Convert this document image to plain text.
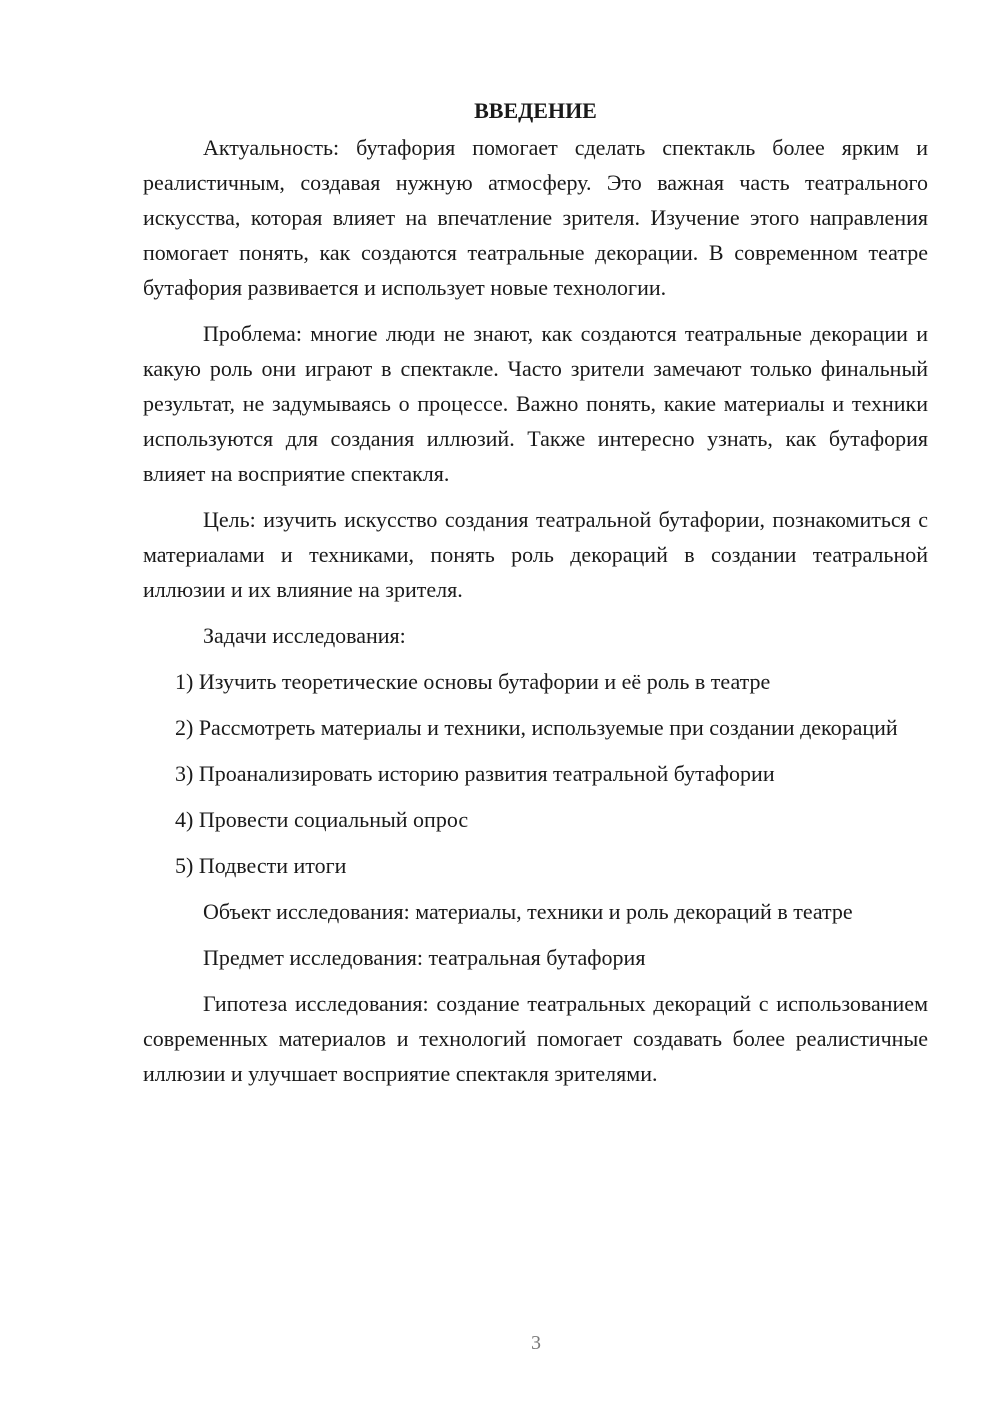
ВВЕДЕНИЕ

Актуальность: бутафория помогает сделать спектакль более ярким и реалистичным, создавая нужную атмосферу. Это важная часть театрального искусства, которая влияет на впечатление зрителя. Изучение этого направления помогает понять, как создаются театральные декорации. В современном театре бутафория развивается и использует новые технологии.

Проблема: многие люди не знают, как создаются театральные декорации и какую роль они играют в спектакле. Часто зрители замечают только финальный результат, не задумываясь о процессе. Важно понять, какие материалы и техники используются для создания иллюзий. Также интересно узнать, как бутафория влияет на восприятие спектакля.

Цель: изучить искусство создания театральной бутафории, познакомиться с материалами и техниками, понять роль декораций в создании театральной иллюзии и их влияние на зрителя.

Задачи исследования:

1) Изучить теоретические основы бутафории и её роль в театре

2) Рассмотреть материалы и техники, используемые при создании декораций

3) Проанализировать историю развития театральной бутафории

4) Провести социальный опрос

5) Подвести итоги

Объект исследования: материалы, техники и роль декораций в театре

Предмет исследования: театральная бутафория

Гипотеза исследования: создание театральных декораций с использованием современных материалов и технологий помогает создавать более реалистичные иллюзии и улучшает восприятие спектакля зрителями.

3
